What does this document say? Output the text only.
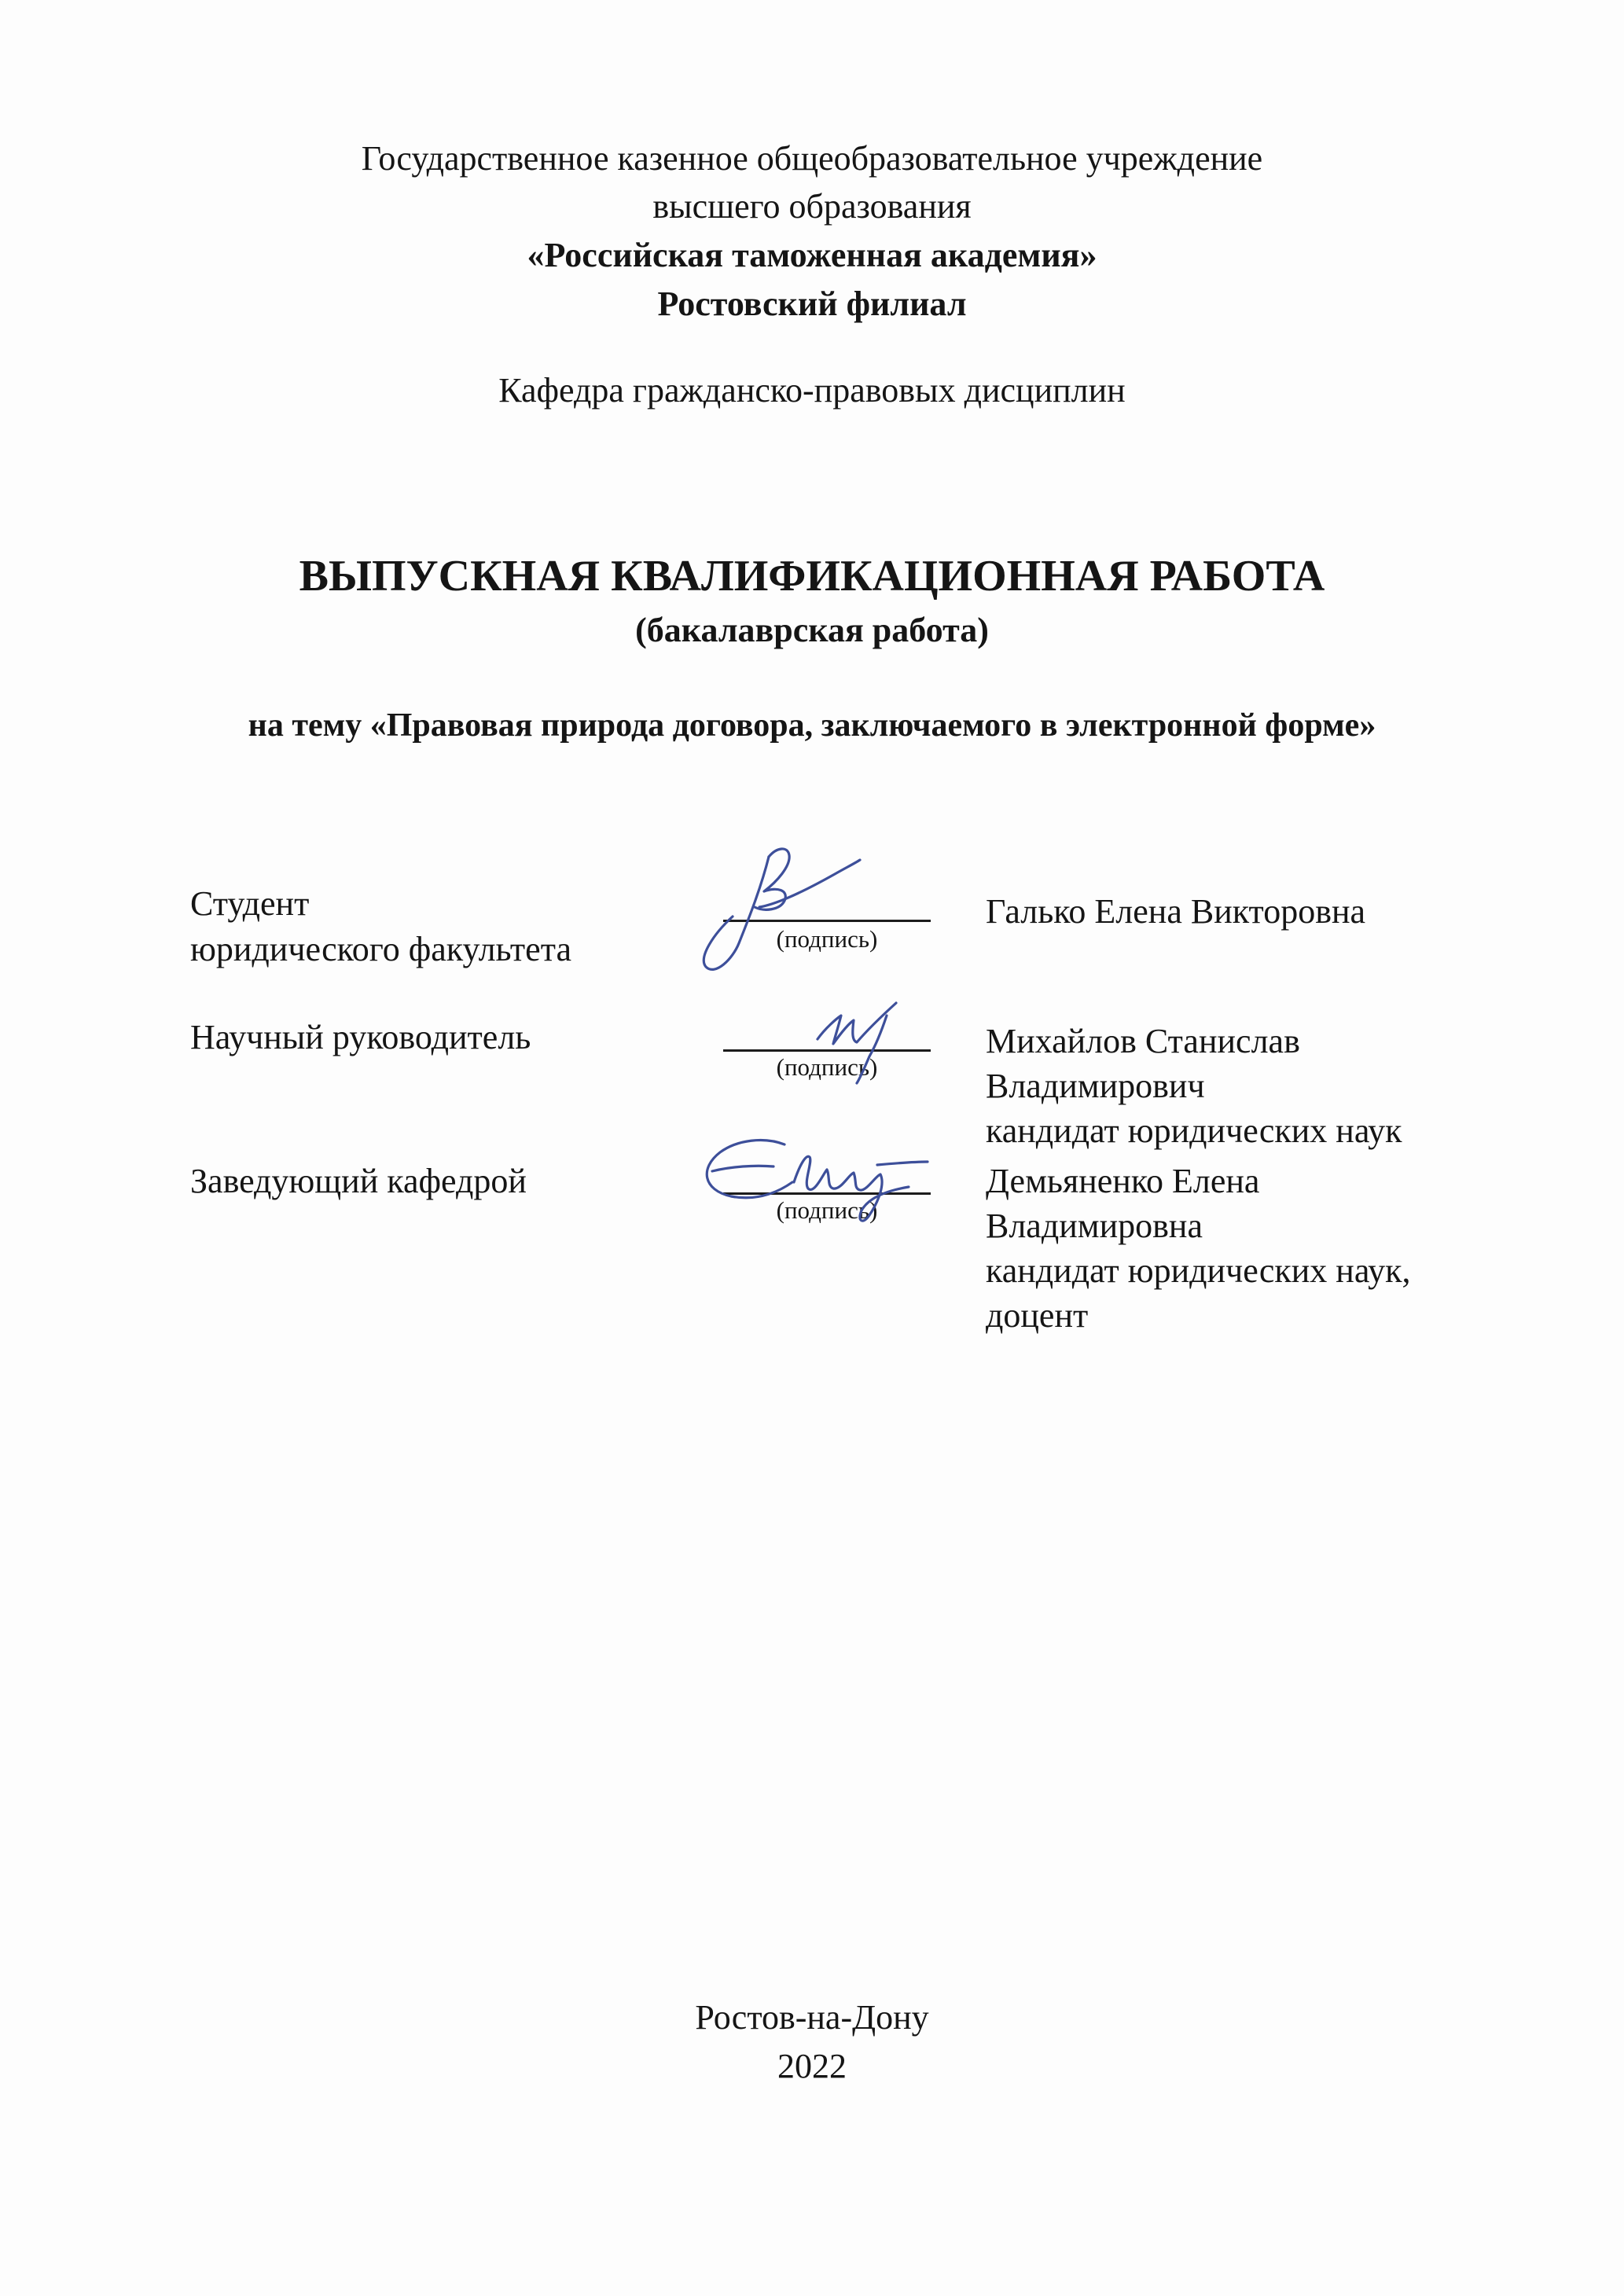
Государственное казенное общеобразовательное учреждение
высшего образования
«Российская таможенная академия»
Ростовский филиал
Кафедра гражданско-правовых дисциплин
ВЫПУСКНАЯ КВАЛИФИКАЦИОННАЯ РАБОТА
(бакалаврская работа)
на тему «Правовая природа договора, заключаемого в электронной форме»
Студент
юридического факультета	(подпись)
Галько Елена Викторовна
Научный руководитель
(подпись)
Михайлов Станислав
Владимирович
кандидат юридических наук
Заведующий кафедрой
(подпись)
Демьяненко Елена
Владимировна
кандидат юридических наук,
доцент
Ростов-на-Дону
2022
